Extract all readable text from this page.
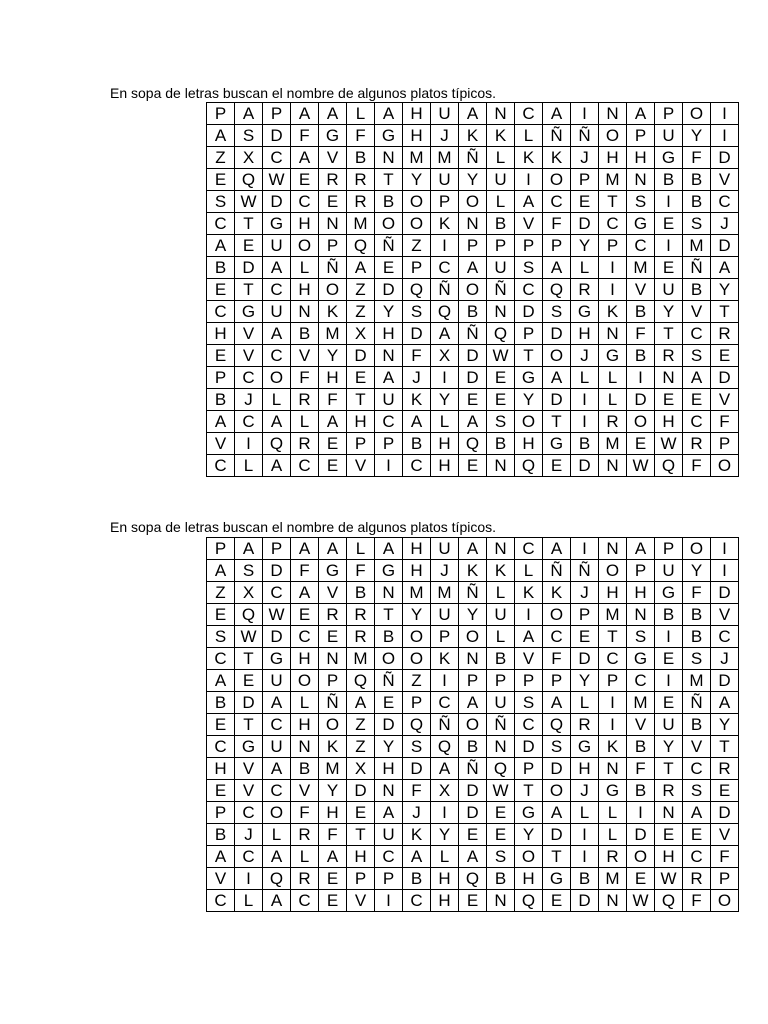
En sopa de letras buscan el nombre de algunos platos típicos.
P	A	P	A	A	L	A	H	U	A	N	C	A	I	N	A	P	O	I
A	S	D	F	G	F	G	H	J	K	K	L	Ñ	Ñ	O	P	U	Y	I
Z	X	C	A	V	B	N	M	M	Ñ	L	K	K	J	H	H	G	F	D
E	Q	W	E	R	R	T	Y	U	Y	U	I	O	P	M	N	B	B	V
S	W	D	C	E	R	B	O	P	O	L	A	C	E	T	S	I	B	C
C	T	G	H	N	M	O	O	K	N	B	V	F	D	C	G	E	S	J
A	E	U	O	P	Q	Ñ	Z	I	P	P	P	P	Y	P	C	I	M	D
B	D	A	L	Ñ	A	E	P	C	A	U	S	A	L	I	M	E	Ñ	A
E	T	C	H	O	Z	D	Q	Ñ	O	Ñ	C	Q	R	I	V	U	B	Y
C	G	U	N	K	Z	Y	S	Q	B	N	D	S	G	K	B	Y	V	T
H	V	A	B	M	X	H	D	A	Ñ	Q	P	D	H	N	F	T	C	R
E	V	C	V	Y	D	N	F	X	D	W	T	O	J	G	B	R	S	E
P	C	O	F	H	E	A	J	I	D	E	G	A	L	L	I	N	A	D
B	J	L	R	F	T	U	K	Y	E	E	Y	D	I	L	D	E	E	V
A	C	A	L	A	H	C	A	L	A	S	O	T	I	R	O	H	C	F
V	I	Q	R	E	P	P	B	H	Q	B	H	G	B	M	E	W	R	P
C	L	A	C	E	V	I	C	H	E	N	Q	E	D	N	W	Q	F	O
En sopa de letras buscan el nombre de algunos platos típicos.
P	A	P	A	A	L	A	H	U	A	N	C	A	I	N	A	P	O	I
A	S	D	F	G	F	G	H	J	K	K	L	Ñ	Ñ	O	P	U	Y	I
Z	X	C	A	V	B	N	M	M	Ñ	L	K	K	J	H	H	G	F	D
E	Q	W	E	R	R	T	Y	U	Y	U	I	O	P	M	N	B	B	V
S	W	D	C	E	R	B	O	P	O	L	A	C	E	T	S	I	B	C
C	T	G	H	N	M	O	O	K	N	B	V	F	D	C	G	E	S	J
A	E	U	O	P	Q	Ñ	Z	I	P	P	P	P	Y	P	C	I	M	D
B	D	A	L	Ñ	A	E	P	C	A	U	S	A	L	I	M	E	Ñ	A
E	T	C	H	O	Z	D	Q	Ñ	O	Ñ	C	Q	R	I	V	U	B	Y
C	G	U	N	K	Z	Y	S	Q	B	N	D	S	G	K	B	Y	V	T
H	V	A	B	M	X	H	D	A	Ñ	Q	P	D	H	N	F	T	C	R
E	V	C	V	Y	D	N	F	X	D	W	T	O	J	G	B	R	S	E
P	C	O	F	H	E	A	J	I	D	E	G	A	L	L	I	N	A	D
B	J	L	R	F	T	U	K	Y	E	E	Y	D	I	L	D	E	E	V
A	C	A	L	A	H	C	A	L	A	S	O	T	I	R	O	H	C	F
V	I	Q	R	E	P	P	B	H	Q	B	H	G	B	M	E	W	R	P
C	L	A	C	E	V	I	C	H	E	N	Q	E	D	N	W	Q	F	O
